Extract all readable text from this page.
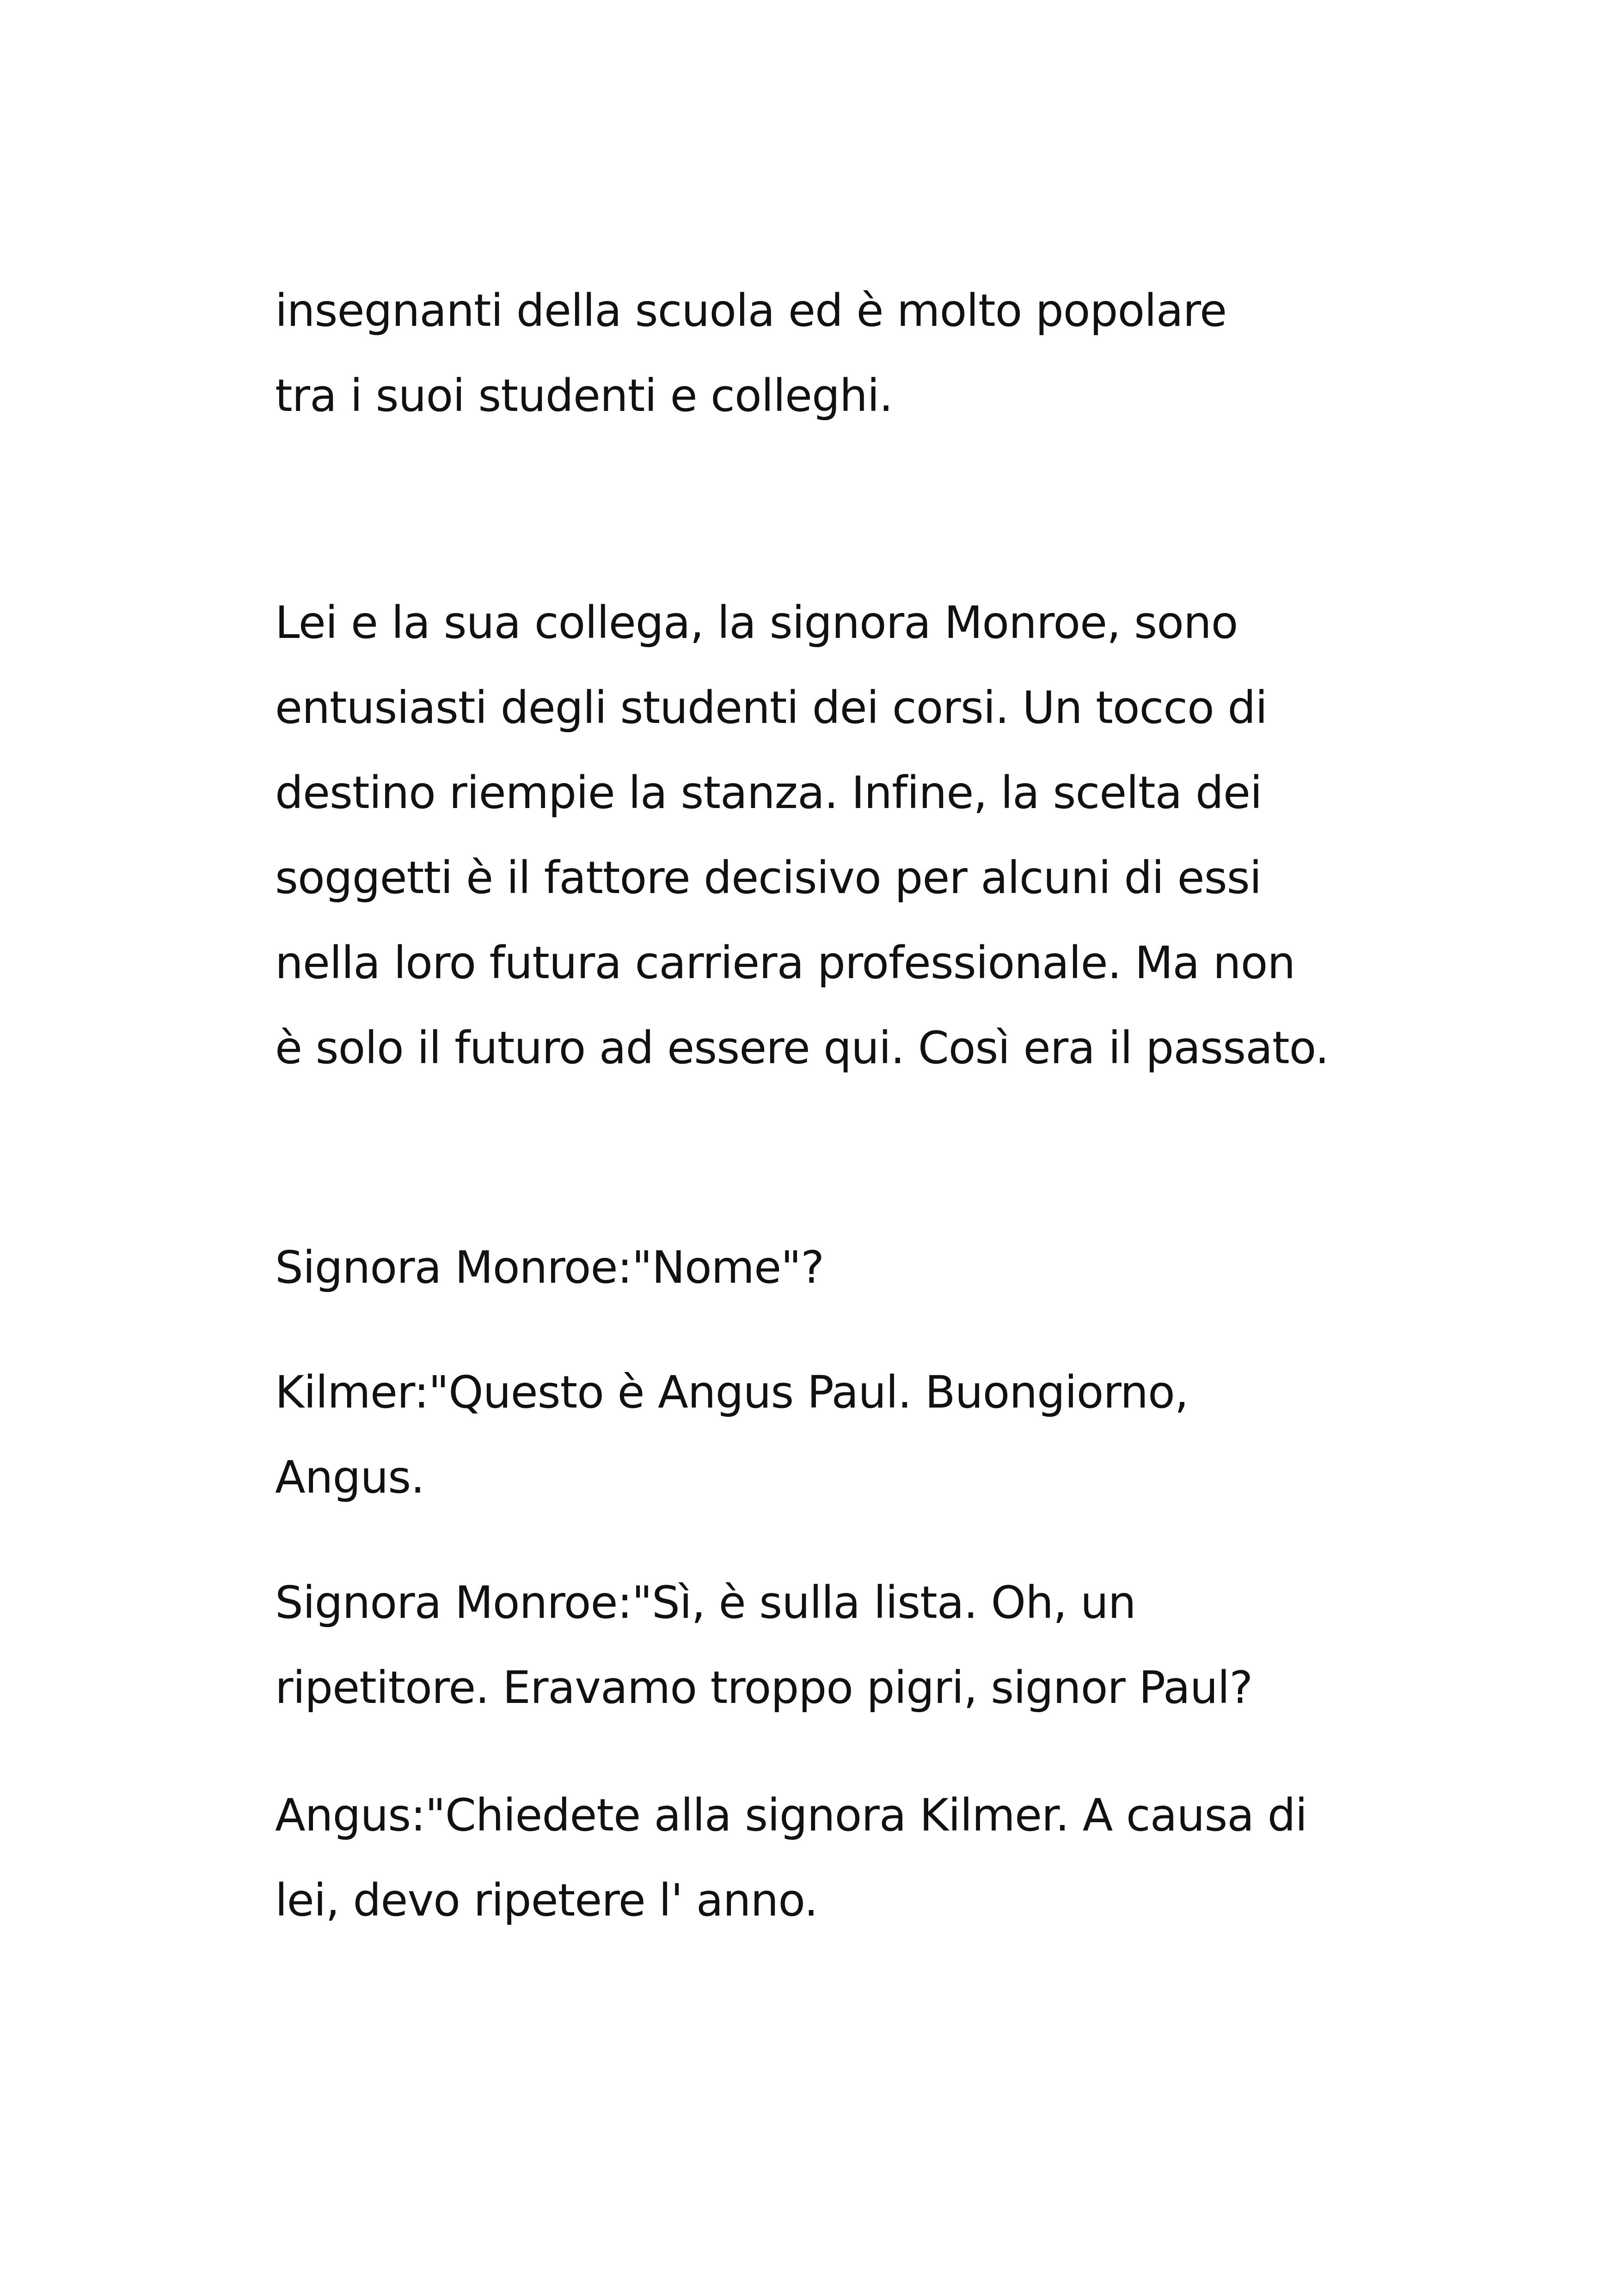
insegnanti della scuola ed è molto popolare
tra i suoi studenti e colleghi.
Lei e la sua collega, la signora Monroe, sono
entusiasti degli studenti dei corsi. Un tocco di
destino riempie la stanza. Infine, la scelta dei
soggetti è il fattore decisivo per alcuni di essi
nella loro futura carriera professionale. Ma non
è solo il futuro ad essere qui. Così era il passato.
Signora Monroe:"Nome"?
Kilmer:"Questo è Angus Paul. Buongiorno,
Angus.
Signora Monroe:"Sì, è sulla lista. Oh, un
ripetitore. Eravamo troppo pigri, signor Paul?
Angus:"Chiedete alla signora Kilmer. A causa di
lei, devo ripetere l' anno.
